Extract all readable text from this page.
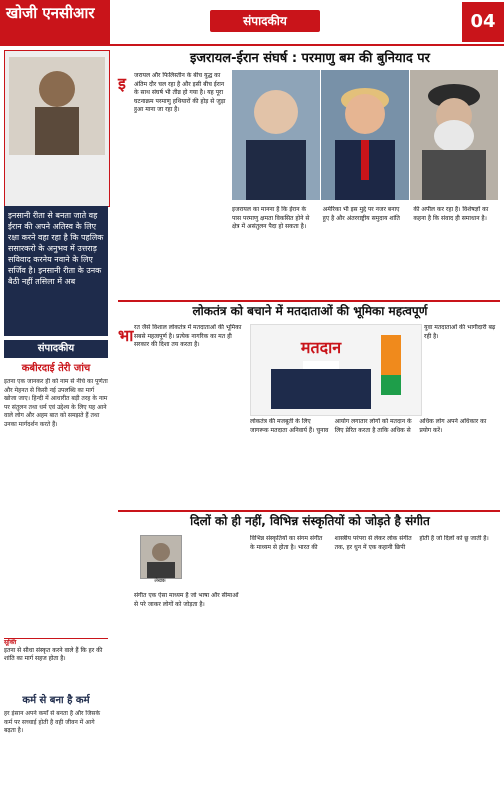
खोजी एनसीआर	संपादकीय	04
इनसानी रीता से बनता जाते वह ईरान की अपने अतिस्व के लिए रक्षा करने वहा रहा है कि पहलिक ससारकरो के अनुभव में उत्तराड़ सविवाद करनेय नवाने के लिए सर्जिव है। इनसानी रीता के उनक बैठी नहीं तसिला में अब
संपादकीय
कबीरदाई तेरी जांच
इतना एक जानकर ही को नाम से नीचे का पूर्णता और मेहनत से किसी नई उपलब्धि का मार्ग खोजा जाए। हिन्दी में आधारीत बड़ी तरह के नाम पर संतुलन तथा धर्म एवं उद्देश्य के लिए यह आने वाले लोग और अहम बात को समझते हैं तथा उनका मार्गदर्शन करते हैं।
सूक्ति
इतना से सीधा संस्कृत करने वाले हैं कि हर की शांति का मार्ग सहज होता है।
कर्म से बना है कर्म
हर इंसान अपने कर्मों से बनता है और जिसके कर्म पर सच्चाई होती है वही जीवन में आगे बढ़ता है।
इजरायल-ईरान संघर्ष : परमाणु बम की बुनियाद पर
इ	जरायल और फिलिस्तीन के बीच युद्ध का अंतिम दौर चल रहा है और इसी बीच ईरान के साथ संघर्ष भी तीव्र हो गया है। यह पूरा घटनाक्रम परमाणु हथियारों की होड़ से जुड़ा हुआ माना जा रहा है।
इजरायल का मानना है कि ईरान के पास परमाणु क्षमता विकसित होने से क्षेत्र में असंतुलन पैदा हो सकता है। अमेरिका भी इस मुद्दे पर नजर बनाए हुए है और अंतरराष्ट्रीय समुदाय शांति की अपील कर रहा है। विशेषज्ञों का कहना है कि संवाद ही समाधान है।
लोकतंत्र को बचाने में मतदाताओं की भूमिका महत्वपूर्ण
भा रत जैसे विशाल लोकतंत्र में मतदाताओं की भूमिका सबसे महत्वपूर्ण है। प्रत्येक नागरिक का मत ही सरकार की दिशा तय करता है।	मतदान
युवा मतदाताओं की भागीदारी बढ़ रही है।
लोकतंत्र की मजबूती के लिए जागरूक मतदाता अनिवार्य हैं। चुनाव आयोग लगातार लोगों को मतदान के लिए प्रेरित करता है ताकि अधिक से अधिक लोग अपने अधिकार का प्रयोग करें।
दिलों को ही नहीं, विभिन्न संस्कृतियों को जोड़ते है संगीत
लेखक
संगीत एक ऐसा माध्यम है जो भाषा और सीमाओं से परे जाकर लोगों को जोड़ता है।
विभिन्न संस्कृतियों का संगम संगीत के माध्यम से होता है। भारत की शास्त्रीय परंपरा से लेकर लोक संगीत तक, हर धुन में एक कहानी छिपी होती है जो दिलों को छू जाती है।
